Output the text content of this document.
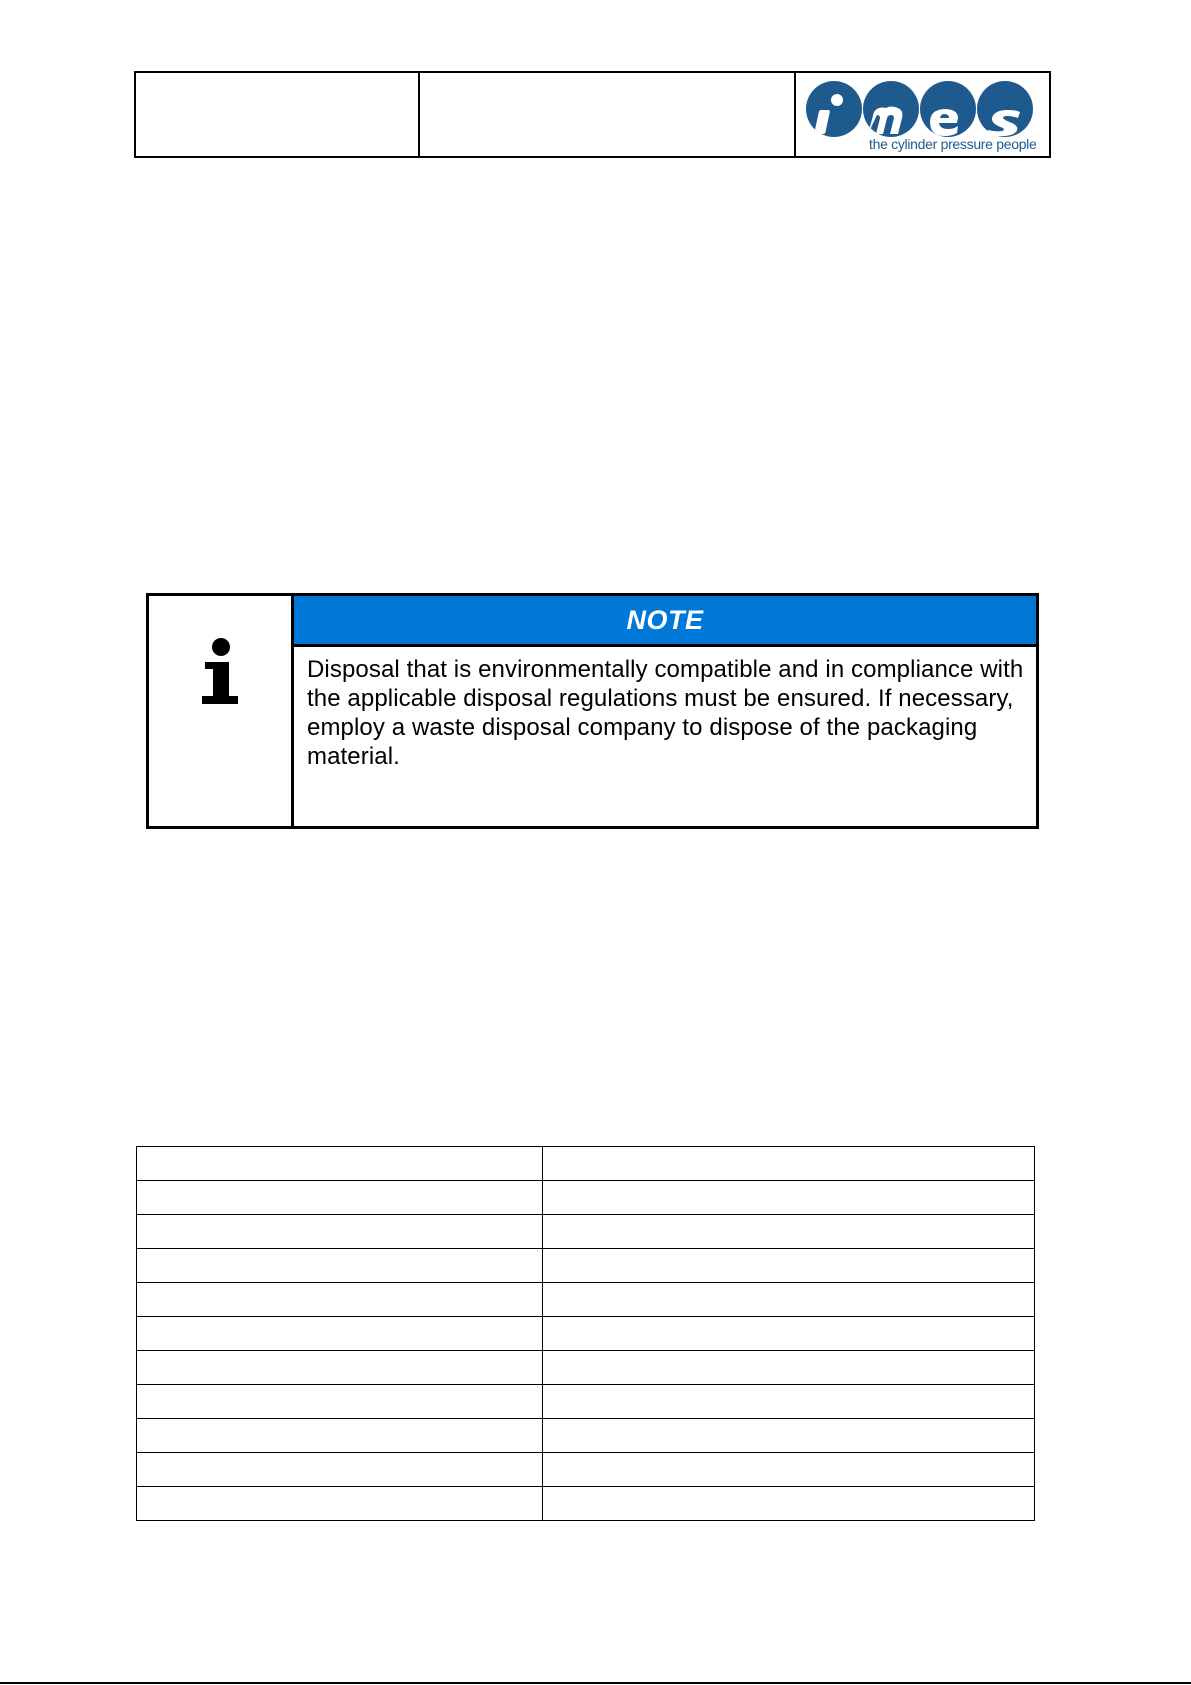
the cylinder pressure people
NOTE
Disposal that is environmentally compatible and in compliance with the applicable disposal regulations must be ensured. If necessary, employ a waste disposal company to dispose of the packaging material.
